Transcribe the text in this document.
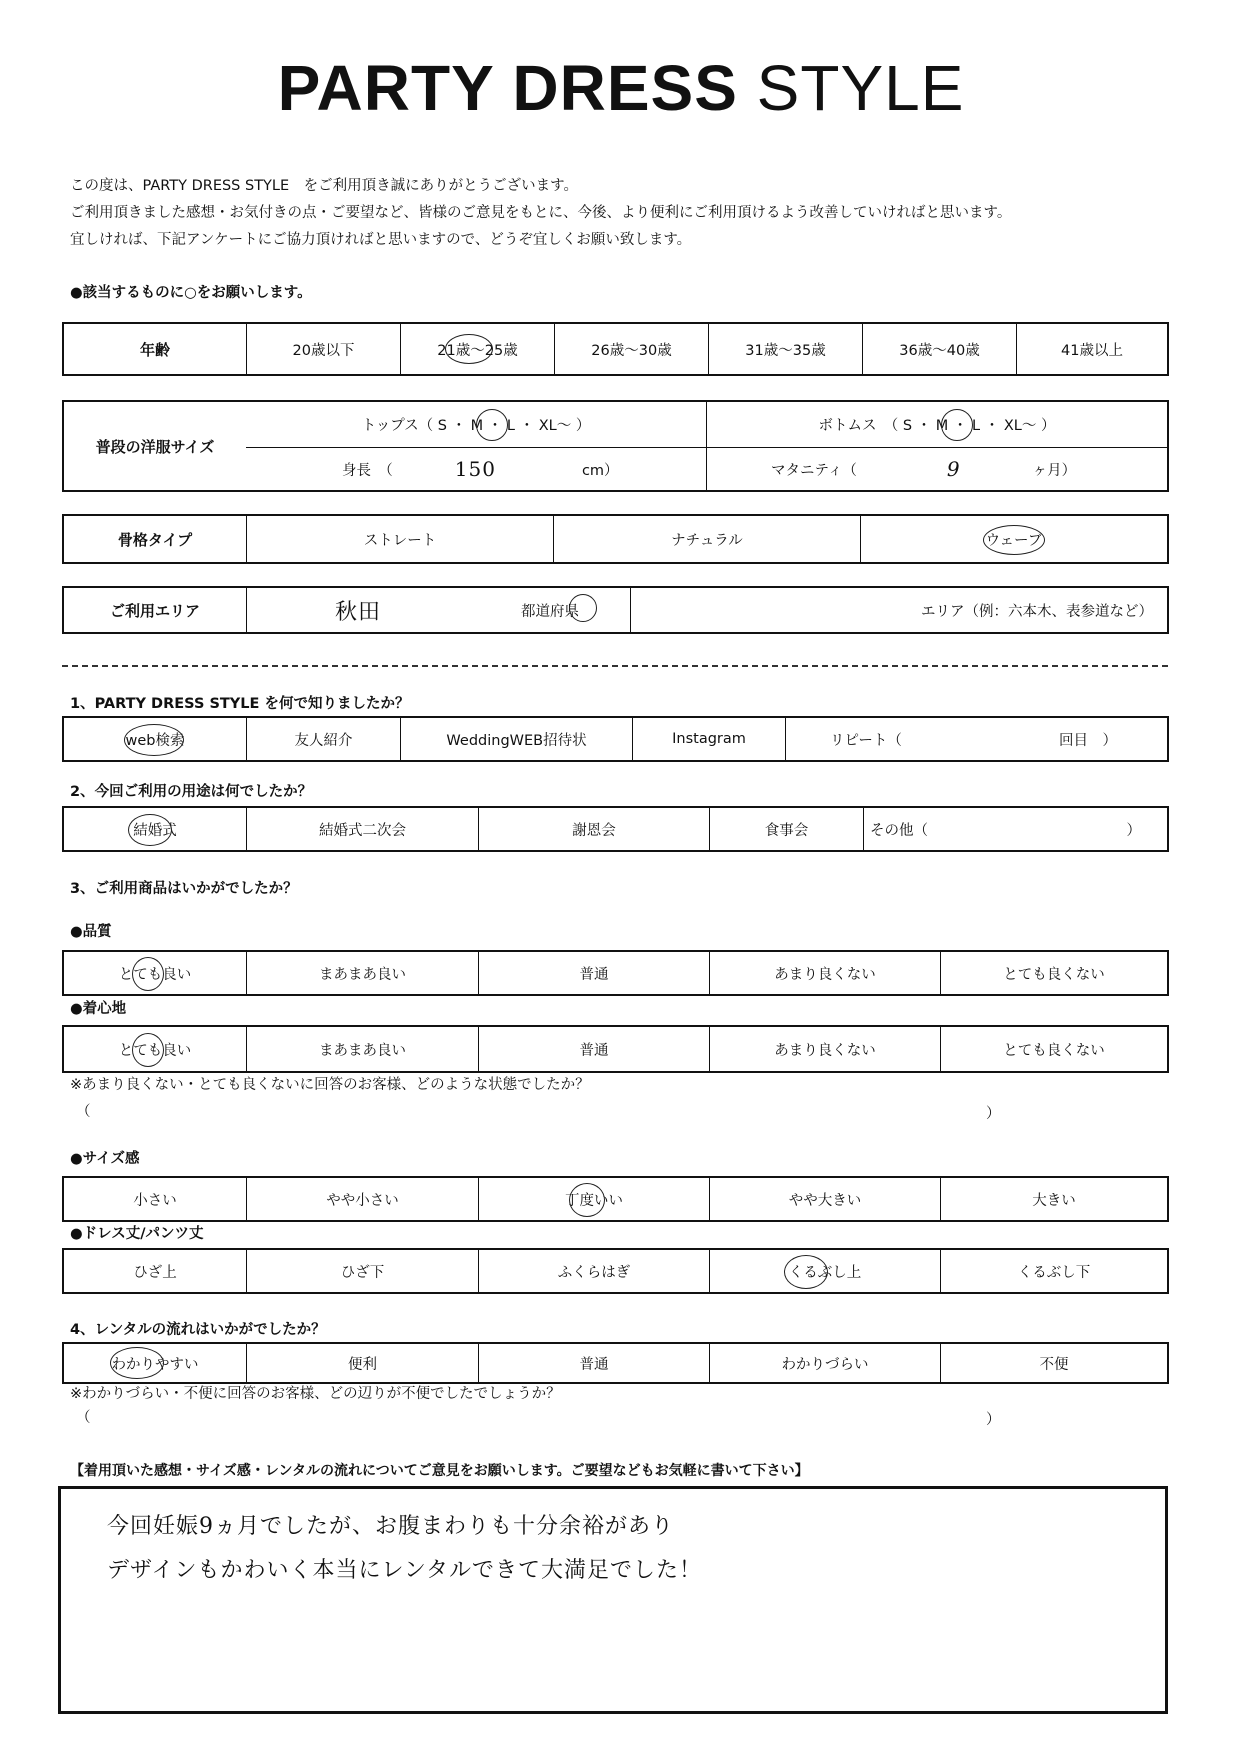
PARTY DRESS STYLE
この度は、PARTY DRESS STYLE　をご利用頂き誠にありがとうございます。
ご利用頂きました感想・お気付きの点・ご要望など、皆様のご意見をもとに、今後、より便利にご利用頂けるよう改善していければと思います。
宜しければ、下記アンケートにご協力頂ければと思いますので、どうぞ宜しくお願い致します。
●該当するものに○をお願いします。
年齢	20歳以下	21歳～25歳	26歳～30歳	31歳～35歳	36歳～40歳	41歳以上
普段の洋服サイズ
トップス（ S ・ M ・ L ・ XL～ ）	ボトムス　（ S ・ M ・ L ・ XL～ ）
身長　（	150	cm）	マタニティ（	9	ヶ月）
骨格タイプ	ストレート	ナチュラル	ウェーブ
ご利用エリア	秋田	都道府県	エリア（例：六本木、表参道など）
1、PARTY DRESS STYLE を何で知りましたか？
web検索	友人紹介	WeddingWEB招待状	Instagram	リピート（	回目　）
2、今回ご利用の用途は何でしたか？
結婚式	結婚式二次会	謝恩会	食事会	その他（	）
3、ご利用商品はいかがでしたか？
●品質
とても良い	まあまあ良い	普通	あまり良くない	とても良くない
●着心地
とても良い	まあまあ良い	普通	あまり良くない	とても良くない
※あまり良くない・とても良くないに回答のお客様、どのような状態でしたか？
（	）
●サイズ感
小さい	やや小さい	丁度いい	やや大きい	大きい
●ドレス丈/パンツ丈
ひざ上	ひざ下	ふくらはぎ	くるぶし上	くるぶし下
4、レンタルの流れはいかがでしたか？
わかりやすい	便利	普通	わかりづらい	不便
※わかりづらい・不便に回答のお客様、どの辺りが不便でしたでしょうか？
（	）
【着用頂いた感想・サイズ感・レンタルの流れについてご意見をお願いします。ご要望などもお気軽に書いて下さい】
今回妊娠9ヵ月でしたが、お腹まわりも十分余裕があり
デザインもかわいく本当にレンタルできて大満足でした！
